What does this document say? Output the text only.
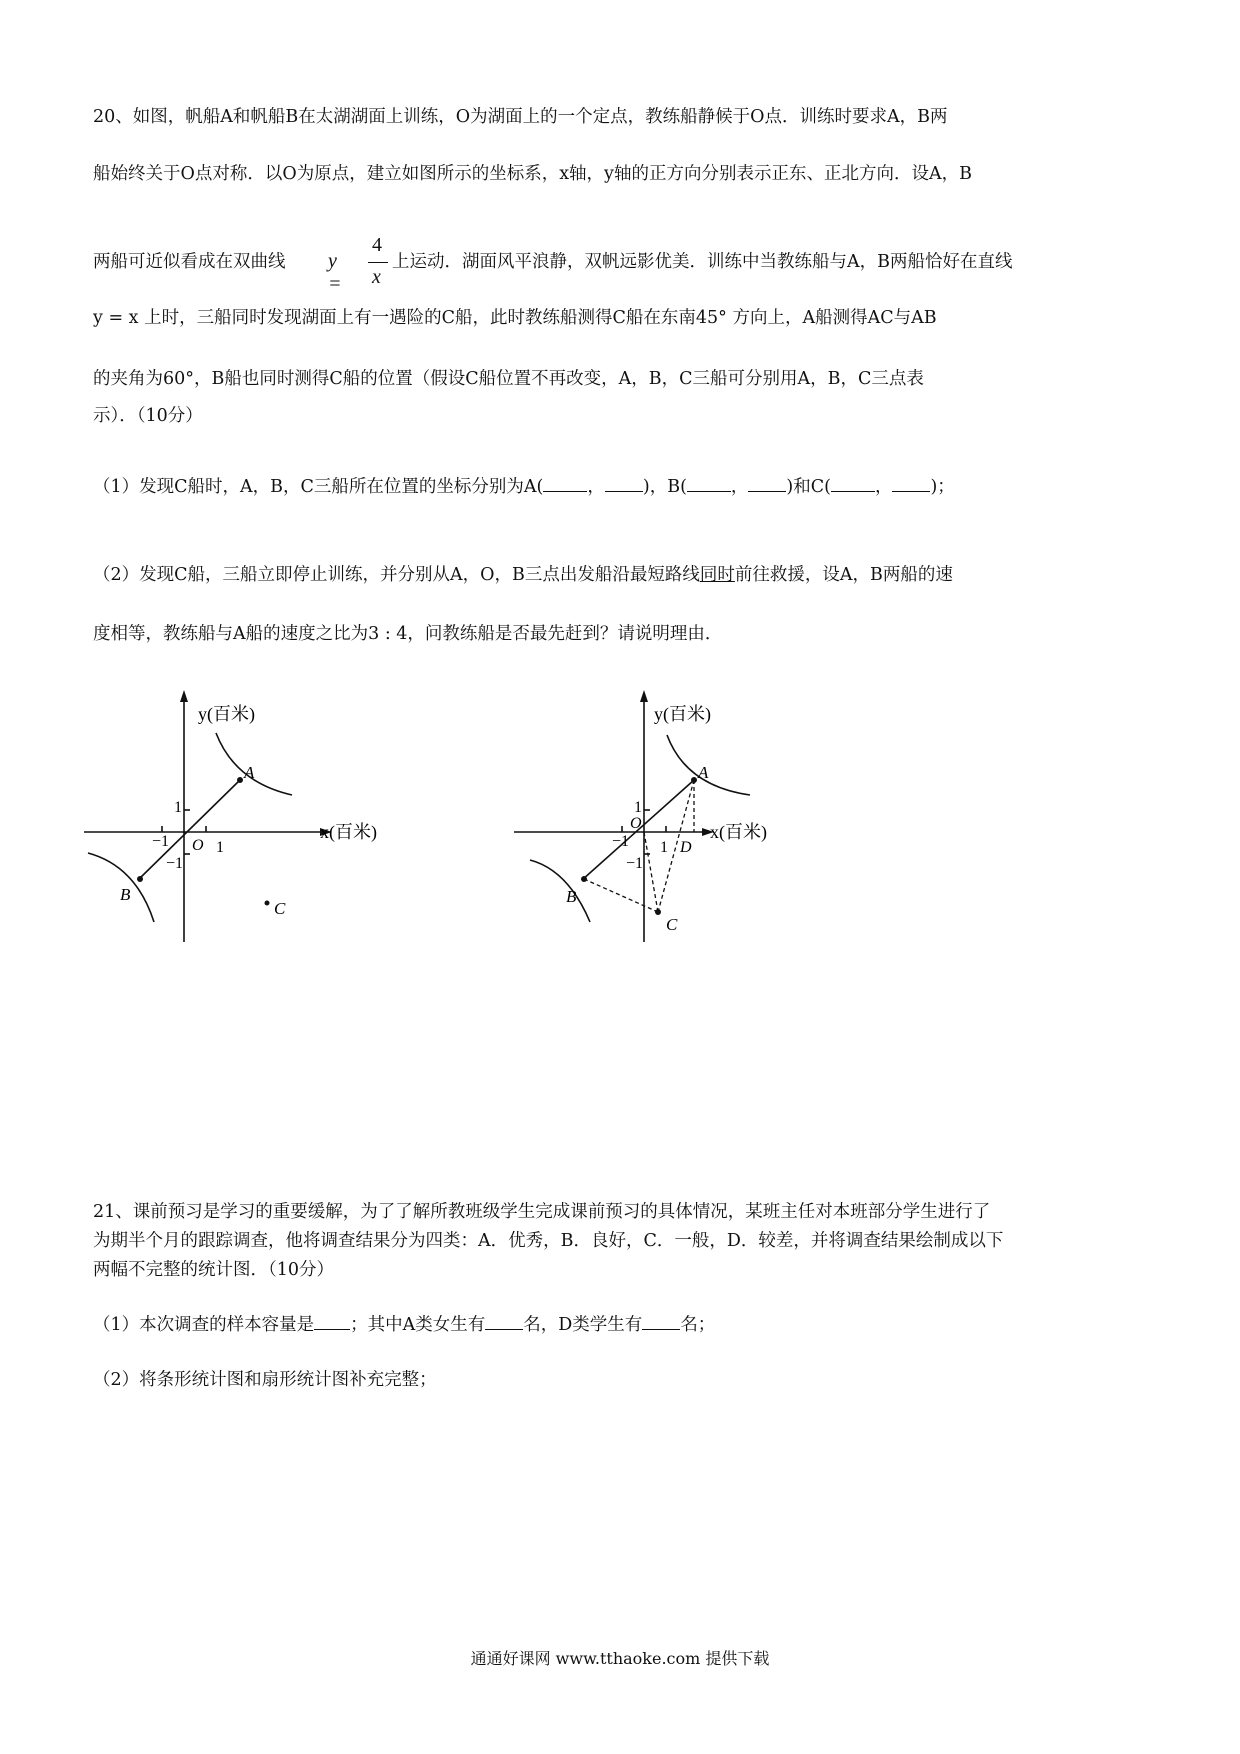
20、如图，帆船A和帆船B在太湖湖面上训练，O为湖面上的一个定点，教练船静候于O点．训练时要求A，B两
船始终关于O点对称．以O为原点，建立如图所示的坐标系，x轴，y轴的正方向分别表示正东、正北方向．设A，B
两船可近似看成在双曲线 y =
4
x
上运动．湖面风平浪静，双帆远影优美．训练中当教练船与A，B两船恰好在直线
y = x 上时，三船同时发现湖面上有一遇险的C船，此时教练船测得C船在东南45° 方向上，A船测得AC与AB
的夹角为60°，B船也同时测得C船的位置（假设C船位置不再改变，A，B，C三船可分别用A，B，C三点表
示）．（10分）
（1）发现C船时，A，B，C三船所在位置的坐标分别为A(	， )，B(	， )和C(	， )；
（2）发现C船，三船立即停止训练，并分别从A，O，B三点出发船沿最短路线同时前往救援，设A，B两船的速
度相等，教练船与A船的速度之比为3 : 4，问教练船是否最先赶到？请说明理由．
y(百米)
x(百米)
1
−1 O 1
−1
A
B
C
y(百米)
x(百米)
1
−1
O
1
−1
D
A
B
C
21、课前预习是学习的重要缓解，为了了解所教班级学生完成课前预习的具体情况，某班主任对本班部分学生进行了
为期半个月的跟踪调查，他将调查结果分为四类：A．优秀，B．良好，C．一般，D．较差，并将调查结果绘制成以下
两幅不完整的统计图．（10分）
（1）本次调查的样本容量是 ；其中A类女生有 名，D类学生有 名；
（2）将条形统计图和扇形统计图补充完整；
通通好课网 www.tthaoke.com 提供下载
